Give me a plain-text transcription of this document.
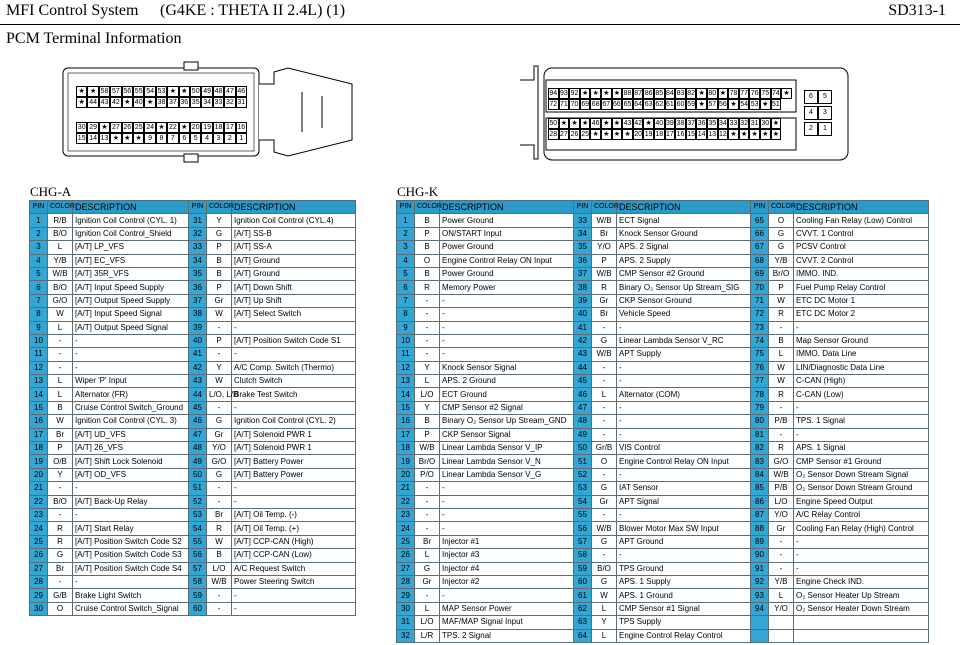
MFI Control System (G4KE : THETA II 2.4L) (1)	SD313-1
PCM Terminal Information
★ ★ 58 57 56 55 54 53 ★ ★ 50 49 48 47 46
★ 44 43 42 ★ 40 ★ 38 37 36 35 34 33 32 31
30 29 ★ 27 26 25 24 ★ 22 ★ 20 19 18 17 16
15 14 13 ★ ★ ★ 9	8	7	6	5	4	3	2	1
94 93 92 ★ ★ ★ ★ 88 87 86 85 84 83 82 ★ 80 ★ 78 77 76 75 74 ★
72 71 70 69 68 67 66 65 64 63 62 61 60 59 ★ 57 56 ★ 54 53 ★ 51
50 ★ ★ ★ 46 ★ ★ 43 42 ★ 40 39 38 37 36 35 34 33 32 31 30 ★
28 27 26 25 ★ ★ ★ ★ 20 19 18 17 16 15 14 13 12 ★ ★ ★ ★ ★
6	5
4	3
2	1
CHG-A	CHG-K
PIN	COLOR	DESCRIPTION	PIN	COLOR	DESCRIPTION
1	R/B	Ignition Coil Control (CYL. 1)	31	Y	Ignition Coil Control (CYL.4)
2	B/O	Ignition Coil Control_Shield	32	G	[A/T] SS-B
3	L	[A/T] LP_VFS	33	P	[A/T] SS-A
4	Y/B	[A/T] EC_VFS	34	B	[A/T] Ground
5	W/B	[A/T] 35R_VFS	35	B	[A/T] Ground
6	B/O	[A/T] Input Speed Supply	36	P	[A/T] Down Shift
7	G/O	[A/T] Output Speed Supply	37	Gr	[A/T] Up Shift
8	W	[A/T] Input Speed Signal	38	W	[A/T] Select Switch
9	L	[A/T] Output Speed Signal	39	-	-
10	-	-	40	P	[A/T] Position Switch Code S1
11	-	-	41	-	-
12	-	-	42	Y	A/C Comp. Switch (Thermo)
13	L	Wiper 'P' Input	43	W	Clutch Switch
14	L	Alternator (FR)	44	L/O, L/B	Brake Test Switch
15	B	Cruise Control Switch_Ground	45	-	-
16	W	Ignition Coil Control (CYL. 3)	46	G	Ignition Coil Control (CYL. 2)
17	Br	[A/T] UD_VFS	47	Gr	[A/T] Solenoid PWR 1
18	P	[A/T] 26_VFS	48	Y/O	[A/T] Solenoid PWR 1
19	O/B	[A/T] Shift Lock Solenoid	49	G/O	[A/T] Battery Power
20	Y	[A/T] OD_VFS	50	G	[A/T] Battery Power
21	-	-	51	-	-
22	B/O	[A/T] Back-Up Relay	52	-	-
23	-	-	53	Br	[A/T] Oil Temp. (-)
24	R	[A/T] Start Relay	54	R	[A/T] Oil Temp. (+)
25	R	[A/T] Position Switch Code S2	55	W	[A/T] CCP-CAN (High)
26	G	[A/T] Position Switch Code S3	56	B	[A/T] CCP-CAN (Low)
27	Br	[A/T] Position Switch Code S4	57	L/O	A/C Request Switch
28	-	-	58	W/B	Power Steering Switch
29	G/B	Brake Light Switch	59	-	-
30	O	Cruise Control Switch_Signal	60	-	-
PIN	COLOR	DESCRIPTION	PIN	COLOR	DESCRIPTION	PIN	COLOR	DESCRIPTION
1	B	Power Ground	33	W/B	ECT Signal	65	O	Cooling Fan Relay (Low) Control
2	P	ON/START Input	34	Br	Knock Sensor Ground	66	G	CVVT. 1 Control
3	B	Power Ground	35	Y/O	APS. 2 Signal	67	G	PCSV Control
4	O	Engine Control Relay ON Input	36	P	APS. 2 Supply	68	Y/B	CVVT. 2 Control
5	B	Power Ground	37	W/B	CMP Sensor #2 Ground	69	Br/O	IMMO. IND.
6	R	Memory Power	38	R	Binary O₂ Sensor Up Stream_SIG	70	P	Fuel Pump Relay Control
7	-	-	39	Gr	CKP Sensor Ground	71	W	ETC DC Motor 1
8	-	-	40	Br	Vehicle Speed	72	R	ETC DC Motor 2
9	-	-	41	-	-	73	-	-
10	-	-	42	G	Linear Lambda Sensor V_RC	74	B	Map Sensor Ground
11	-	-	43	W/B	APT Supply	75	L	IMMO. Data Line
12	Y	Knock Sensor Signal	44	-	-	76	W	LIN/Diagnostic Data Line
13	L	APS. 2 Ground	45	-	-	77	W	C-CAN (High)
14	L/O	ECT Ground	46	L	Alternator (COM)	78	R	C-CAN (Low)
15	Y	CMP Sensor #2 Signal	47	-	-	79	-	-
16	B	Binary O₂ Sensor Up Stream_GND	48	-	-	80	P/B	TPS. 1 Signal
17	P	CKP Sensor Signal	49	-	-	81	-	-
18	W/B	Linear Lambda Sensor V_IP	50	Gr/B	VIS Control	82	R	APS. 1 Signal
19	Br/O	Linear Lambda Sensor V_N	51	O	Engine Control Relay ON Input	83	G/O	CMP Sensor #1 Ground
20	P/O	Linear Lambda Sensor V_G	52	-	-	84	W/B	O₂ Sensor Down Stream Signal
21	-	-	53	G	IAT Sensor	85	P/B	O₂ Sensor Down Stream Ground
22	-	-	54	Gr	APT Signal	86	L/O	Engine Speed Output
23	-	-	55	-	-	87	Y/O	A/C Relay Control
24	-	-	56	W/B	Blower Motor Max SW Input	88	Gr	Cooling Fan Relay (High) Control
25	Br	Injector #1	57	G	APT Ground	89	-	-
26	L	Injector #3	58	-	-	90	-	-
27	G	Injector #4	59	B/O	TPS Ground	91	-	-
28	Gr	Injector #2	60	G	APS. 1 Supply	92	Y/B	Engine Check IND.
29	-	-	61	W	APS. 1 Ground	93	L	O₂ Sensor Heater Up Stream
30	L	MAP Sensor Power	62	L	CMP Sensor #1 Signal	94	Y/O	O₂ Sensor Heater Down Stream
31	L/O	MAF/MAP Signal Input	63	Y	TPS Supply			
32	L/R	TPS. 2 Signal	64	L	Engine Control Relay Control			
